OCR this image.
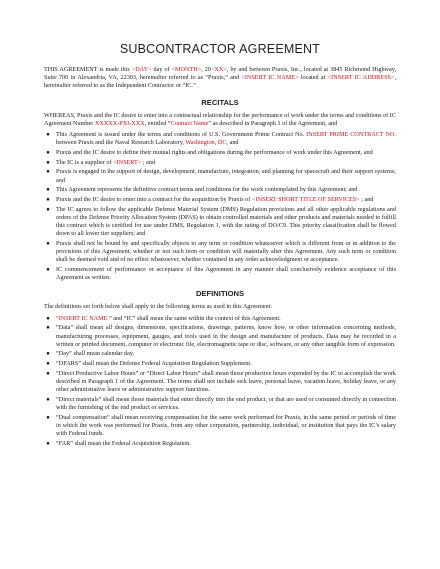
SUBCONTRACTOR AGREEMENT

THIS AGREEMENT is made this <DAY> day of <MONTH>, 20<XX>, by and between Praxis, Inc., located at 3845 Richmond Highway, Suite 700 in Alexandria, VA, 22303, hereinafter referred to as “Praxis,” and <INSERT IC NAME> located at <INSERT IC ADDRESS>, hereinafter referred to as the Independent Contractor or “IC.”

RECITALS

WHEREAS, Praxis and the IC desire to enter into a contractual relationship for the performance of work under the terms and conditions of IC Agreement Number XXXXX-PXI-XXX, entitled “Contract Name” as described in Paragraph 1 of the Agreement, and

● This Agreement is issued under the terms and conditions of U.S. Government Prime Contract No. INSERT PRIME CONTRACT NO. between Praxis and the Naval Research Laboratory, Washington, DC, and
● Praxis and the IC desire to define their mutual rights and obligations during the performance of work under this Agreement, and
● The IC is a supplier of <INSERT> ; and
● Praxis is engaged in the support of design, development, manufacture, integration, and planning for spacecraft and their support systems; and
● This Agreement represents the definitive contract terms and conditions for the work contemplated by this Agreement; and
● Praxis and the IC desire to enter into a contract for the acquisition by Praxis of <INSERT SHORT TITLE OF SERVICES> ; and
● The IC agrees to follow the applicable Defense Material System (DMS) Regulation provisions and all other applicable regulations and orders of the Defense Priority Allocation System (DPAS) to obtain controlled materials and other products and materials needed to fulfill this contract which is certified for use under DMS, Regulation 1, with the rating of DO/C9. This priority classification shall be flowed down to all lower tier suppliers; and
● Praxis shall not be bound by and specifically objects to any term or condition whatsoever which is different from or in addition to the provisions of this Agreement, whether or not such term or condition will materially alter this Agreement. Any such term or condition shall be deemed void and of no effect whatsoever, whether contained in any order acknowledgment or acceptance.
● IC commencement of performance or acceptance of this Agreement in any manner shall conclusively evidence acceptance of this Agreement as written.
DEFINITIONS

The definitions set forth below shall apply to the following terms as used in this Agreement:

● “INSERT IC NAME ” and “IC” shall mean the same within the context of this Agreement.
● “Data” shall mean all designs, dimensions, specifications, drawings, patterns, know how, or other information concerning methods, manufacturing processes, equipment, gauges, and tools used in the design and manufacture of products. Data may be recorded in a written or printed document, computer or electronic file, electromagnetic tape or disc, software, or any other tangible form of expression.
● “Day” shall mean calendar day.
● “DFARS” shall mean the Defense Federal Acquisition Regulation Supplement.
● “Direct Productive Labor Hours” or “Direct Labor Hours” shall mean those productive hours expended by the IC to accomplish the work described in Paragraph 1 of the Agreement. The terms shall not include sick leave, personal leave, vacation leave, holiday leave, or any other administrative leave or administrative support functions.
● “Direct materials” shall mean those materials that enter directly into the end product, or that are used or consumed directly in connection with the furnishing of the end product or services.
● “Dual compensation” shall mean receiving compensation for the same work performed for Praxis, in the same period or periods of time in which the work was performed for Praxis, from any other corporation, partnership, individual, or institution that pays the IC’s salary with Federal funds.
● “FAR” shall mean the Federal Acquisition Regulation.
